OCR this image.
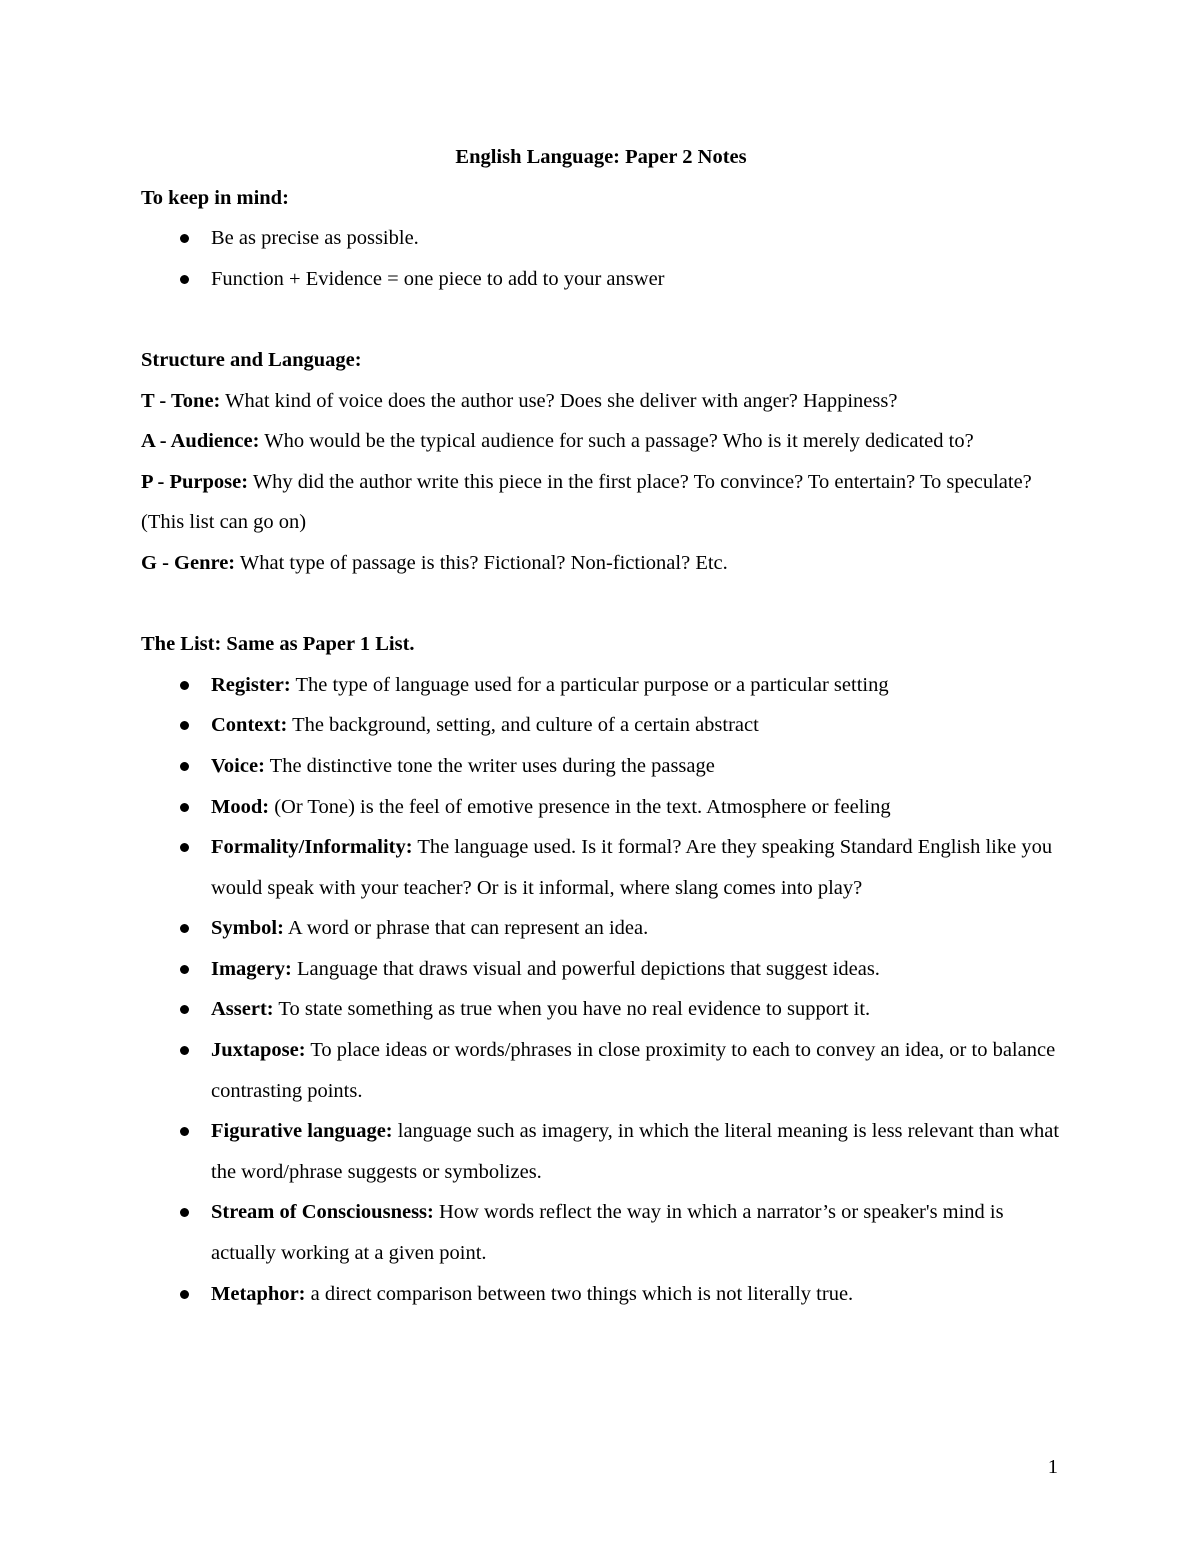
English Language: Paper 2 Notes

To keep in mind:

Be as precise as possible.
Function + Evidence = one piece to add to your answer

Structure and Language:

T - Tone: What kind of voice does the author use? Does she deliver with anger? Happiness?

A - Audience: Who would be the typical audience for such a passage? Who is it merely dedicated to?

P - Purpose: Why did the author write this piece in the first place? To convince? To entertain? To speculate? (This list can go on)

G - Genre: What type of passage is this? Fictional? Non-fictional? Etc.

The List: Same as Paper 1 List.

Register: The type of language used for a particular purpose or a particular setting
Context: The background, setting, and culture of a certain abstract
Voice: The distinctive tone the writer uses during the passage
Mood: (Or Tone) is the feel of emotive presence in the text. Atmosphere or feeling
Formality/Informality: The language used. Is it formal? Are they speaking Standard English like you would speak with your teacher? Or is it informal, where slang comes into play?
Symbol: A word or phrase that can represent an idea.
Imagery: Language that draws visual and powerful depictions that suggest ideas.
Assert: To state something as true when you have no real evidence to support it.
Juxtapose: To place ideas or words/phrases in close proximity to each to convey an idea, or to balance contrasting points.
Figurative language: language such as imagery, in which the literal meaning is less relevant than what the word/phrase suggests or symbolizes.
Stream of Consciousness: How words reflect the way in which a narrator’s or speaker's mind is actually working at a given point.
Metaphor: a direct comparison between two things which is not literally true.
1
